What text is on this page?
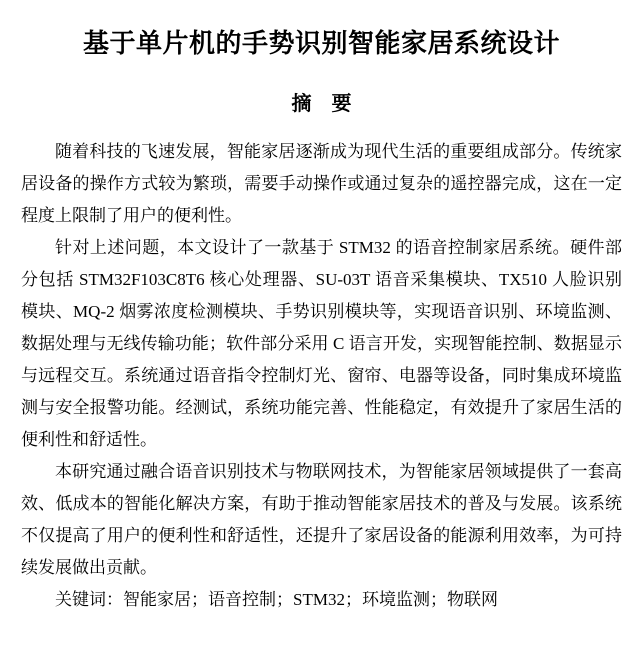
基于单片机的手势识别智能家居系统设计
摘　要

随着科技的飞速发展，智能家居逐渐成为现代生活的重要组成部分。传统家居设备的操作方式较为繁琐，需要手动操作或通过复杂的遥控器完成，这在一定程度上限制了用户的便利性。

针对上述问题，本文设计了一款基于 STM32 的语音控制家居系统。硬件部分包括 STM32F103C8T6 核心处理器、SU-03T 语音采集模块、TX510 人脸识别模块、MQ-2 烟雾浓度检测模块、手势识别模块等，实现语音识别、环境监测、数据处理与无线传输功能；软件部分采用 C 语言开发，实现智能控制、数据显示与远程交互。系统通过语音指令控制灯光、窗帘、电器等设备，同时集成环境监测与安全报警功能。经测试，系统功能完善、性能稳定，有效提升了家居生活的便利性和舒适性。

本研究通过融合语音识别技术与物联网技术，为智能家居领域提供了一套高效、低成本的智能化解决方案，有助于推动智能家居技术的普及与发展。该系统不仅提高了用户的便利性和舒适性，还提升了家居设备的能源利用效率，为可持续发展做出贡献。

关键词：智能家居；语音控制；STM32；环境监测；物联网
